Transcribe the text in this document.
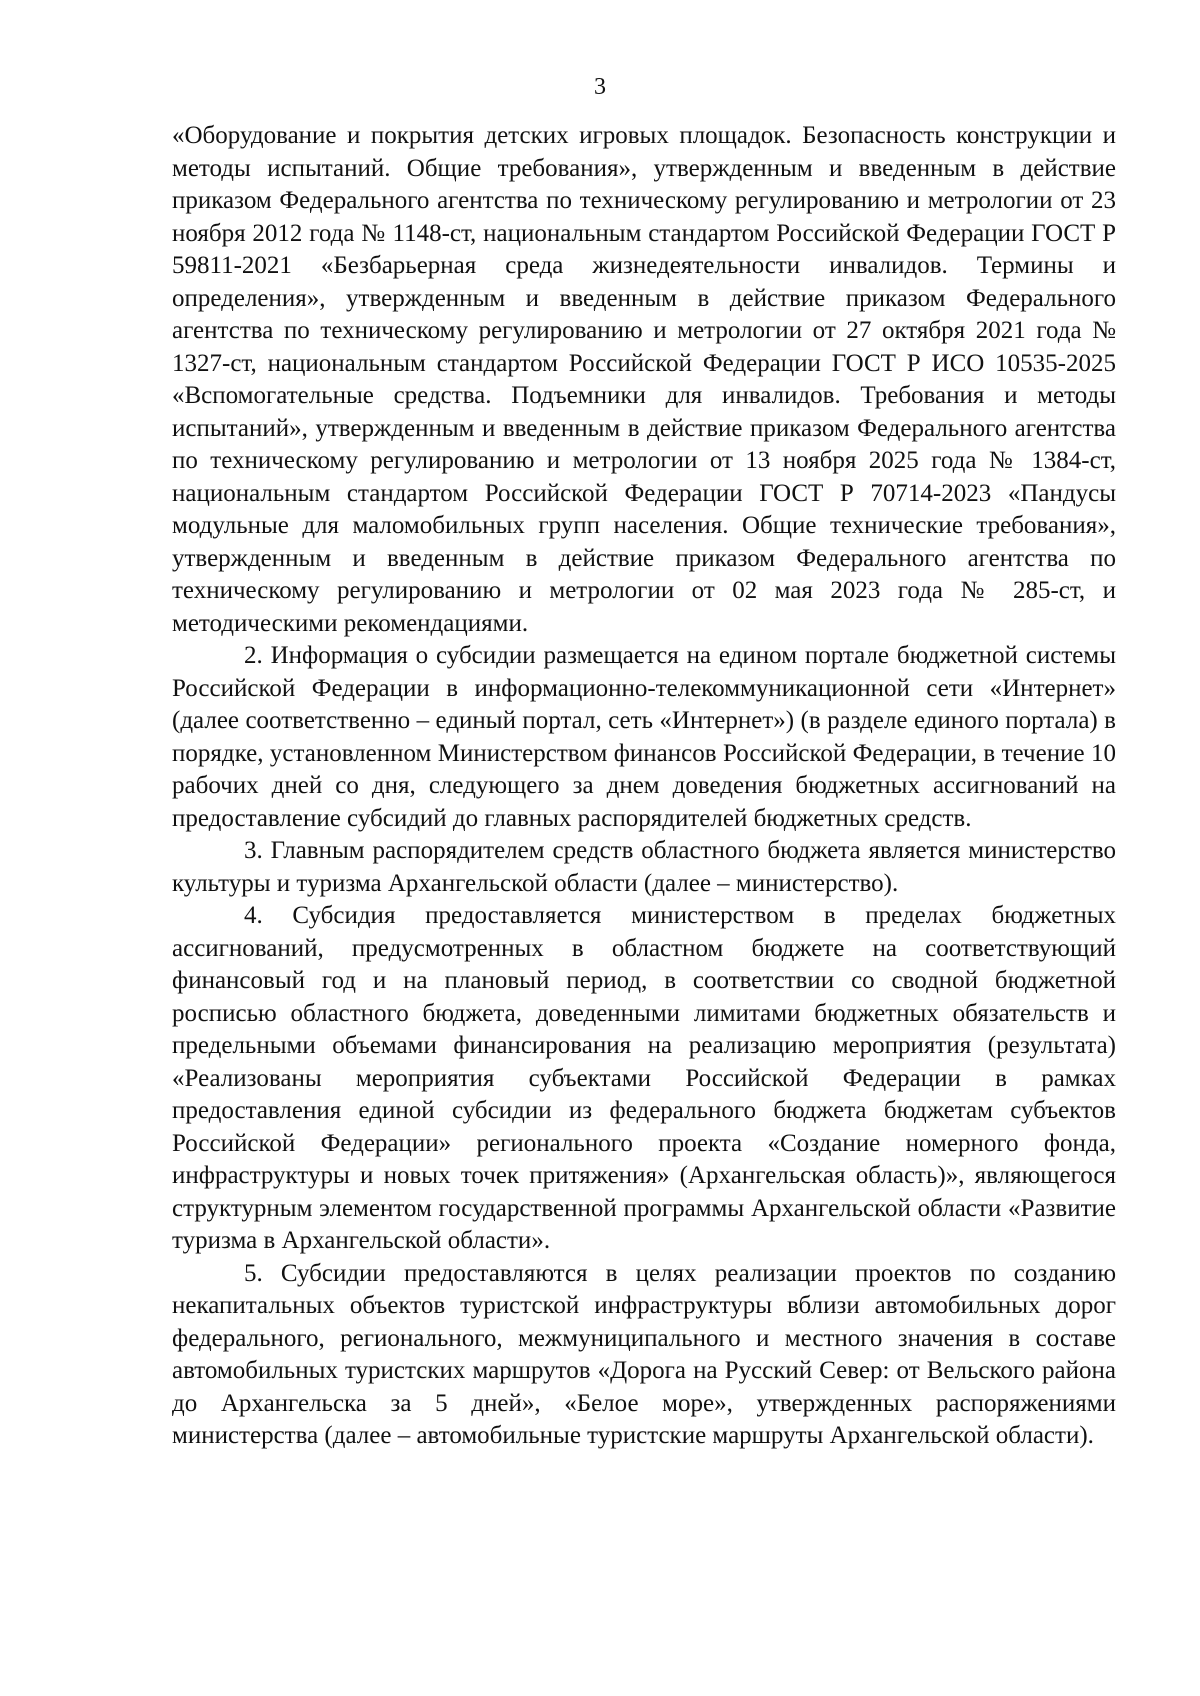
3

«Оборудование и покрытия детских игровых площадок. Безопасность конструкции и методы испытаний. Общие требования», утвержденным и введенным в действие приказом Федерального агентства по техническому регулированию и метрологии от 23 ноября 2012 года № 1148-ст, национальным стандартом Российской Федерации ГОСТ Р 59811-2021 «Безбарьерная среда жизнедеятельности инвалидов. Термины и определения», утвержденным и введенным в действие приказом Федерального агентства по техническому регулированию и метрологии от 27 октября 2021 года № 1327-ст, национальным стандартом Российской Федерации ГОСТ Р ИСО 10535-2025 «Вспомогательные средства. Подъемники для инвалидов. Требования и методы испытаний», утвержденным и введенным в действие приказом Федерального агентства по техническому регулированию и метрологии от 13 ноября 2025 года № 1384-ст, национальным стандартом Российской Федерации ГОСТ Р 70714-2023 «Пандусы модульные для маломобильных групп населения. Общие технические требования», утвержденным и введенным в действие приказом Федерального агентства по техническому регулированию и метрологии от 02 мая 2023 года № 285-ст, и методическими рекомендациями.

2. Информация о субсидии размещается на едином портале бюджетной системы Российской Федерации в информационно-телекоммуникационной сети «Интернет» (далее соответственно – единый портал, сеть «Интернет») (в разделе единого портала) в порядке, установленном Министерством финансов Российской Федерации, в течение 10 рабочих дней со дня, следующего за днем доведения бюджетных ассигнований на предоставление субсидий до главных распорядителей бюджетных средств.

3. Главным распорядителем средств областного бюджета является министерство культуры и туризма Архангельской области (далее – министерство).

4. Субсидия предоставляется министерством в пределах бюджетных ассигнований, предусмотренных в областном бюджете на соответствующий финансовый год и на плановый период, в соответствии со сводной бюджетной росписью областного бюджета, доведенными лимитами бюджетных обязательств и предельными объемами финансирования на реализацию мероприятия (результата) «Реализованы мероприятия субъектами Российской Федерации в рамках предоставления единой субсидии из федерального бюджета бюджетам субъектов Российской Федерации» регионального проекта «Создание номерного фонда, инфраструктуры и новых точек притяжения» (Архангельская область)», являющегося структурным элементом государственной программы Архангельской области «Развитие туризма в Архангельской области».

5. Субсидии предоставляются в целях реализации проектов по созданию некапитальных объектов туристской инфраструктуры вблизи автомобильных дорог федерального, регионального, межмуниципального и местного значения в составе автомобильных туристских маршрутов «Дорога на Русский Север: от Вельского района до Архангельска за 5 дней», «Белое море», утвержденных распоряжениями министерства (далее – автомобильные туристские маршруты Архангельской области).
